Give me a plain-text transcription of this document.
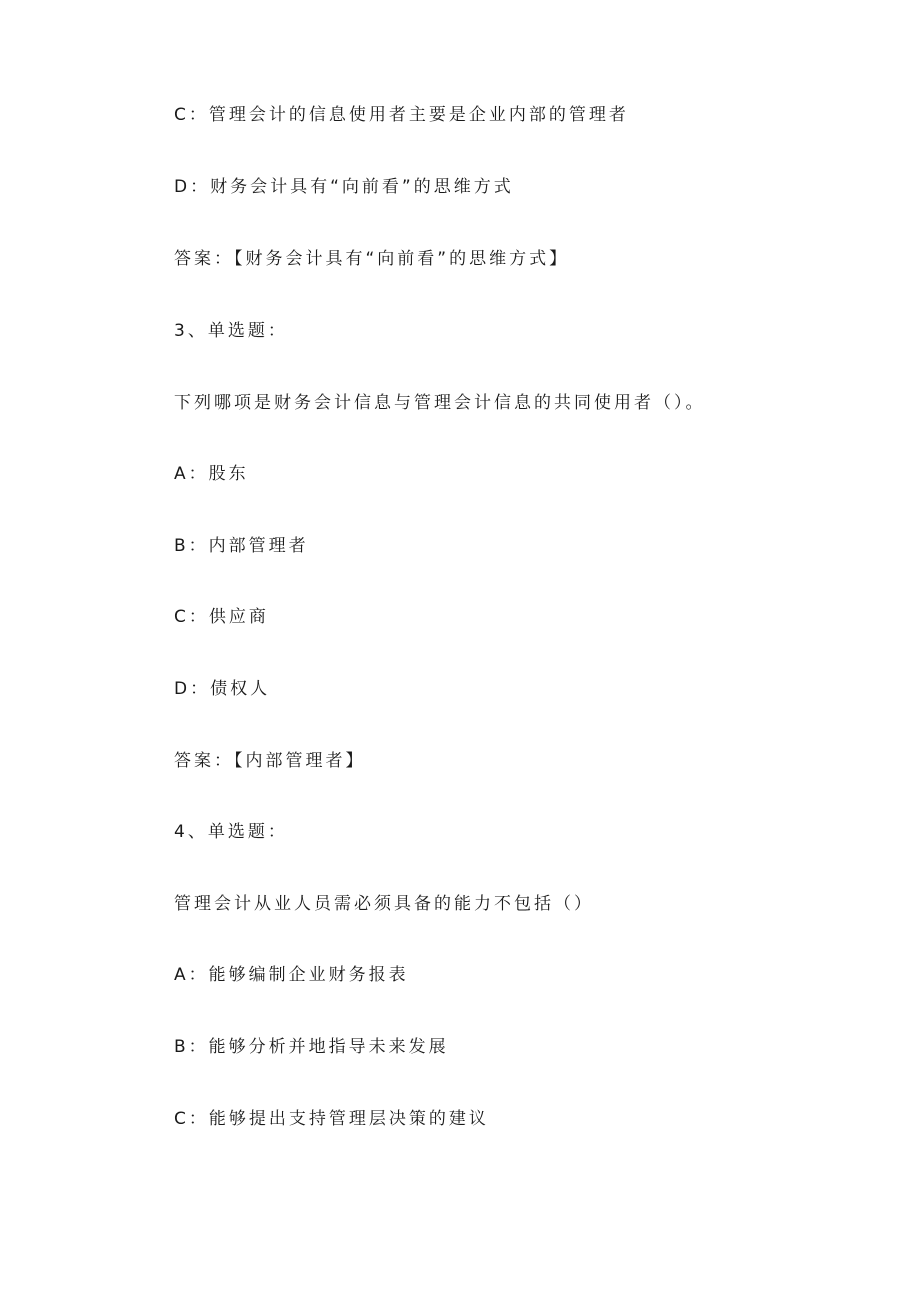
C：管理会计的信息使用者主要是企业内部的管理者
D：财务会计具有“向前看”的思维方式
答案：【财务会计具有“向前看”的思维方式】
3、单选题：
下列哪项是财务会计信息与管理会计信息的共同使用者（）。
A：股东
B：内部管理者
C：供应商
D：债权人
答案：【内部管理者】
4、单选题：
管理会计从业人员需必须具备的能力不包括（）
A：能够编制企业财务报表
B：能够分析并地指导未来发展
C：能够提出支持管理层决策的建议
